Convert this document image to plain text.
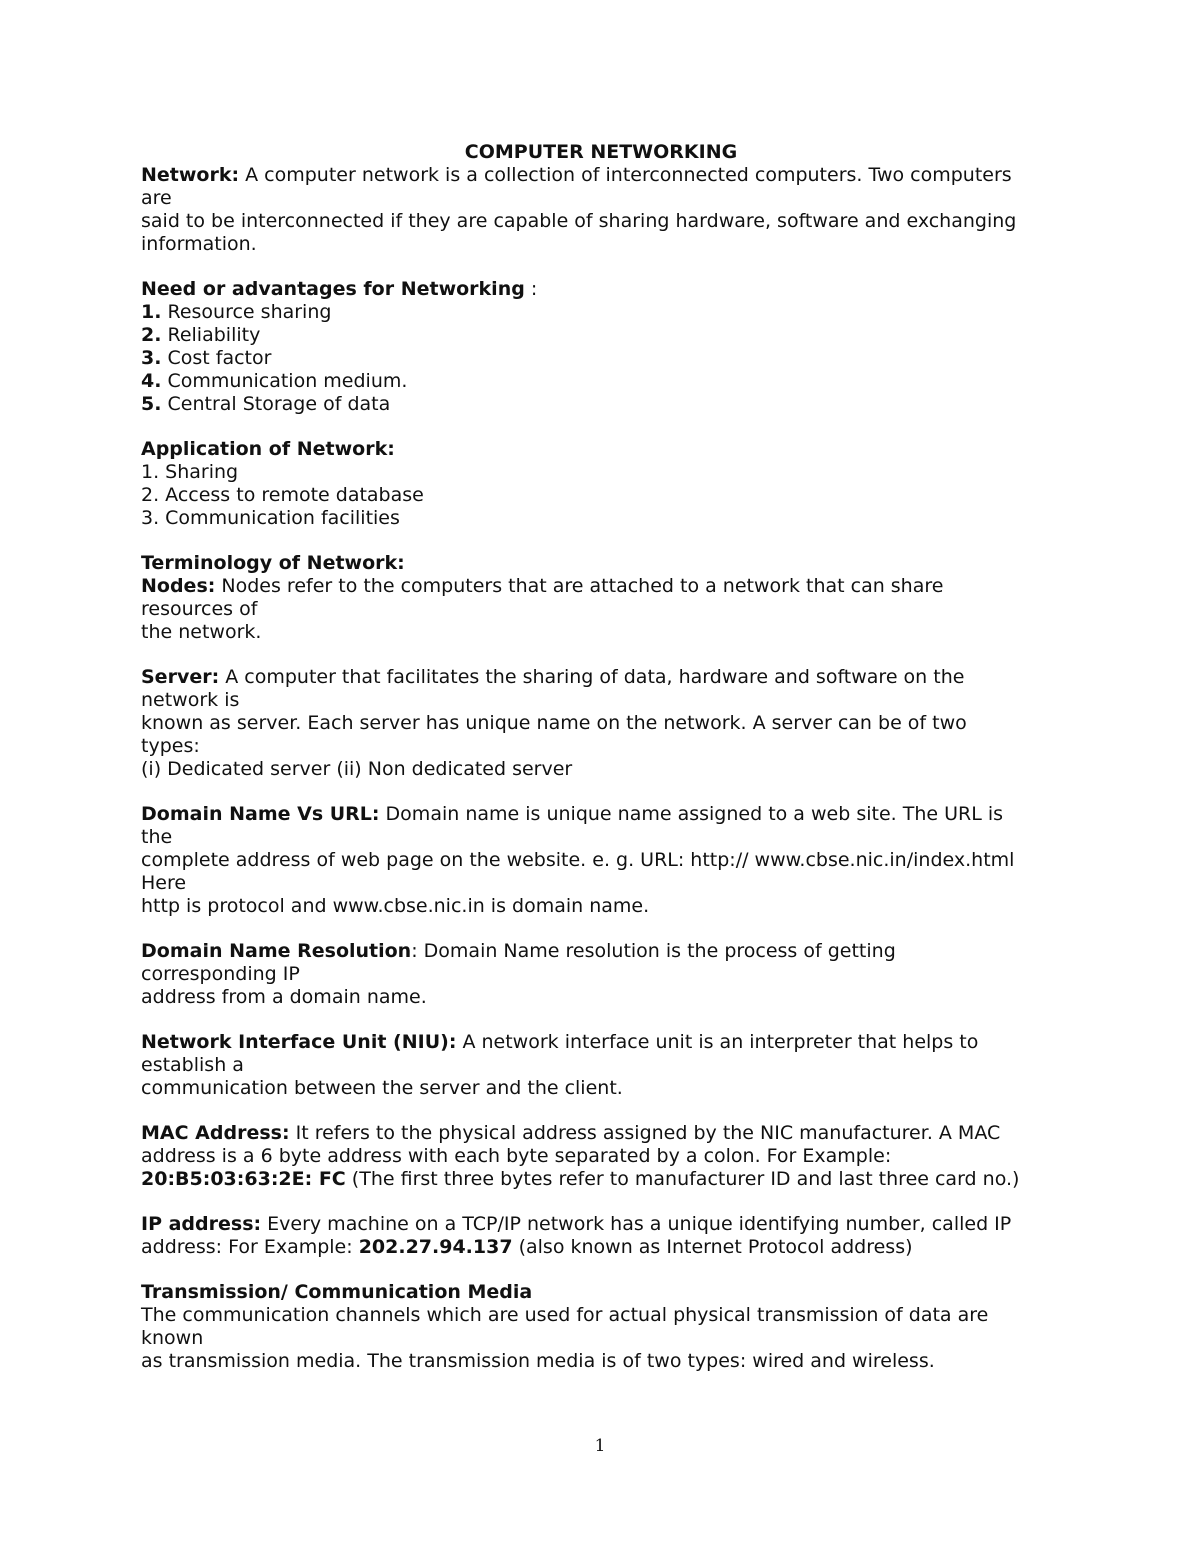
COMPUTER NETWORKING
Network: A computer network is a collection of interconnected computers. Two computers
are
said to be interconnected if they are capable of sharing hardware, software and exchanging
information.
Need or advantages for Networking :
1. Resource sharing
2. Reliability
3. Cost factor
4. Communication medium.
5. Central Storage of data
Application of Network:
1. Sharing
2. Access to remote database
3. Communication facilities
Terminology of Network:
Nodes: Nodes refer to the computers that are attached to a network that can share
resources of
the network.
Server: A computer that facilitates the sharing of data, hardware and software on the
network is
known as server. Each server has unique name on the network. A server can be of two
types:
(i) Dedicated server (ii) Non dedicated server
Domain Name Vs URL: Domain name is unique name assigned to a web site. The URL is
the
complete address of web page on the website. e. g. URL: http:// www.cbse.nic.in/index.html
Here
http is protocol and www.cbse.nic.in is domain name.
Domain Name Resolution: Domain Name resolution is the process of getting
corresponding IP
address from a domain name.
Network Interface Unit (NIU): A network interface unit is an interpreter that helps to
establish a
communication between the server and the client.
MAC Address: It refers to the physical address assigned by the NIC manufacturer. A MAC
address is a 6 byte address with each byte separated by a colon. For Example:
20:B5:03:63:2E: FC (The first three bytes refer to manufacturer ID and last three card no.)
IP address: Every machine on a TCP/IP network has a unique identifying number, called IP
address: For Example: 202.27.94.137 (also known as Internet Protocol address)
Transmission/ Communication Media
The communication channels which are used for actual physical transmission of data are
known
as transmission media. The transmission media is of two types: wired and wireless.
1
